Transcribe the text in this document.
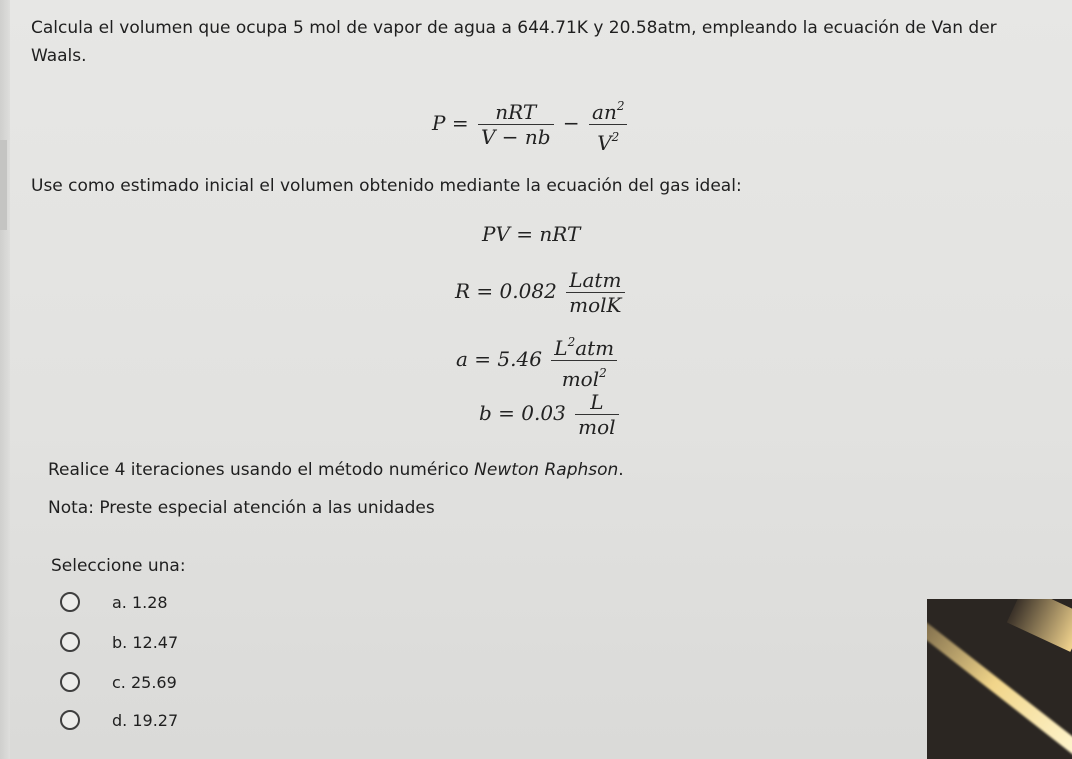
Calcula el volumen que ocupa 5 mol de vapor de agua a 644.71K y 20.58atm, empleando la ecuación de Van der Waals.

$P = \frac{\text{nRT}}{V - nb} - \frac{an^2}{V^2}$

Use como estimado inicial el volumen obtenido mediante la ecuación del gas ideal:

PV = nRT
$R = 0.082 \frac{\text{Latm}}{\text{molK}}$
$a = 5.46 \frac{L^2atm}{mol^2}$
$b = 0.03 \frac{L}{\text{mol}}$

Realice 4 iteraciones usando el método numérico Newton Raphson.

Nota: Preste especial atención a las unidades

Seleccione una:

a. 1.28
b. 12.47
c. 25.69
d. 19.27
